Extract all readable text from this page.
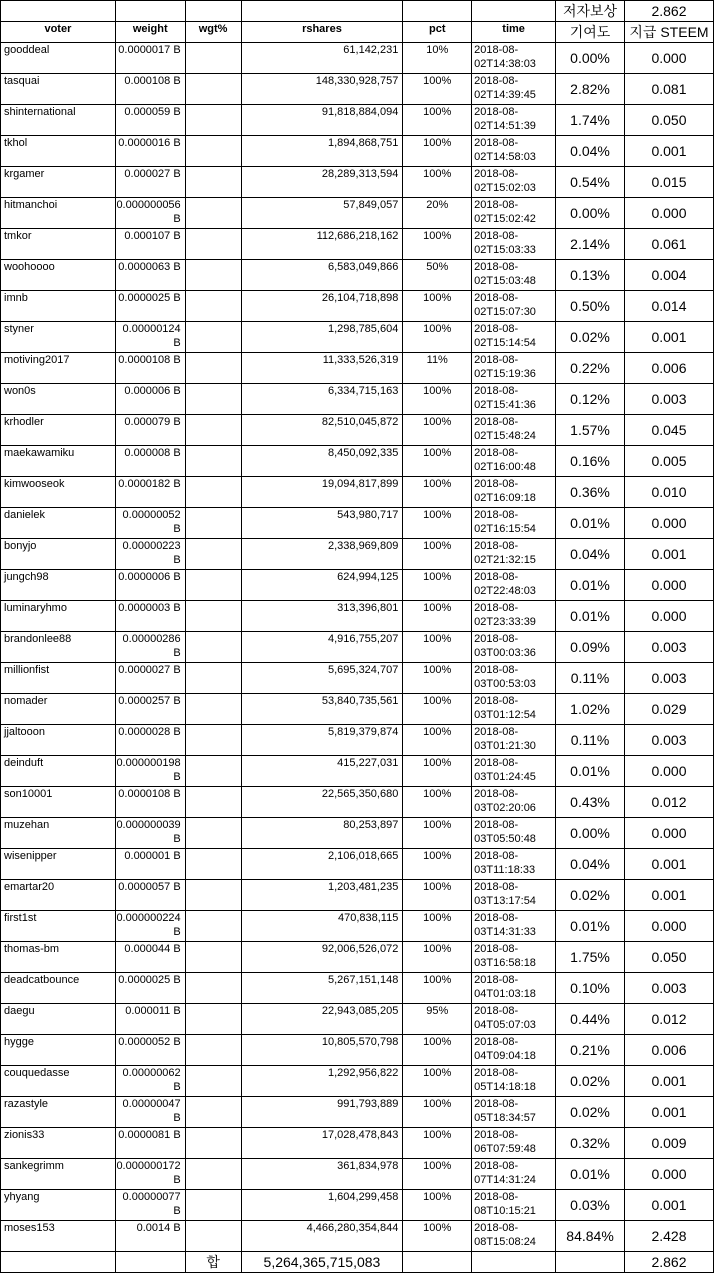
						저자보상	2.862
voter	weight	wgt%	rshares	pct	time	기여도	지급 STEEM
gooddeal	0.0000017 B		61,142,231	10%	2018-08-02T14:38:03	0.00%	0.000
tasquai	0.000108 B		148,330,928,757	100%	2018-08-02T14:39:45	2.82%	0.081
shinternational	0.000059 B		91,818,884,094	100%	2018-08-02T14:51:39	1.74%	0.050
tkhol	0.0000016 B		1,894,868,751	100%	2018-08-02T14:58:03	0.04%	0.001
krgamer	0.000027 B		28,289,313,594	100%	2018-08-02T15:02:03	0.54%	0.015
hitmanchoi	0.000000056 B		57,849,057	20%	2018-08-02T15:02:42	0.00%	0.000
tmkor	0.000107 B		112,686,218,162	100%	2018-08-02T15:03:33	2.14%	0.061
woohoooo	0.0000063 B		6,583,049,866	50%	2018-08-02T15:03:48	0.13%	0.004
imnb	0.0000025 B		26,104,718,898	100%	2018-08-02T15:07:30	0.50%	0.014
styner	0.00000124 B		1,298,785,604	100%	2018-08-02T15:14:54	0.02%	0.001
motiving2017	0.0000108 B		11,333,526,319	11%	2018-08-02T15:19:36	0.22%	0.006
won0s	0.000006 B		6,334,715,163	100%	2018-08-02T15:41:36	0.12%	0.003
krhodler	0.000079 B		82,510,045,872	100%	2018-08-02T15:48:24	1.57%	0.045
maekawamiku	0.000008 B		8,450,092,335	100%	2018-08-02T16:00:48	0.16%	0.005
kimwooseok	0.0000182 B		19,094,817,899	100%	2018-08-02T16:09:18	0.36%	0.010
danielek	0.00000052 B		543,980,717	100%	2018-08-02T16:15:54	0.01%	0.000
bonyjo	0.00000223 B		2,338,969,809	100%	2018-08-02T21:32:15	0.04%	0.001
jungch98	0.0000006 B		624,994,125	100%	2018-08-02T22:48:03	0.01%	0.000
luminaryhmo	0.0000003 B		313,396,801	100%	2018-08-02T23:33:39	0.01%	0.000
brandonlee88	0.00000286 B		4,916,755,207	100%	2018-08-03T00:03:36	0.09%	0.003
millionfist	0.0000027 B		5,695,324,707	100%	2018-08-03T00:53:03	0.11%	0.003
nomader	0.0000257 B		53,840,735,561	100%	2018-08-03T01:12:54	1.02%	0.029
jjaltooon	0.0000028 B		5,819,379,874	100%	2018-08-03T01:21:30	0.11%	0.003
deinduft	0.000000198 B		415,227,031	100%	2018-08-03T01:24:45	0.01%	0.000
son10001	0.0000108 B		22,565,350,680	100%	2018-08-03T02:20:06	0.43%	0.012
muzehan	0.000000039 B		80,253,897	100%	2018-08-03T05:50:48	0.00%	0.000
wisenipper	0.000001 B		2,106,018,665	100%	2018-08-03T11:18:33	0.04%	0.001
emartar20	0.0000057 B		1,203,481,235	100%	2018-08-03T13:17:54	0.02%	0.001
first1st	0.000000224 B		470,838,115	100%	2018-08-03T14:31:33	0.01%	0.000
thomas-bm	0.000044 B		92,006,526,072	100%	2018-08-03T16:58:18	1.75%	0.050
deadcatbounce	0.0000025 B		5,267,151,148	100%	2018-08-04T01:03:18	0.10%	0.003
daegu	0.000011 B		22,943,085,205	95%	2018-08-04T05:07:03	0.44%	0.012
hygge	0.0000052 B		10,805,570,798	100%	2018-08-04T09:04:18	0.21%	0.006
couquedasse	0.00000062 B		1,292,956,822	100%	2018-08-05T14:18:18	0.02%	0.001
razastyle	0.00000047 B		991,793,889	100%	2018-08-05T18:34:57	0.02%	0.001
zionis33	0.0000081 B		17,028,478,843	100%	2018-08-06T07:59:48	0.32%	0.009
sankegrimm	0.000000172 B		361,834,978	100%	2018-08-07T14:31:24	0.01%	0.000
yhyang	0.00000077 B		1,604,299,458	100%	2018-08-08T10:15:21	0.03%	0.001
moses153	0.0014 B		4,466,280,354,844	100%	2018-08-08T15:08:24	84.84%	2.428
		합	5,264,365,715,083				2.862
